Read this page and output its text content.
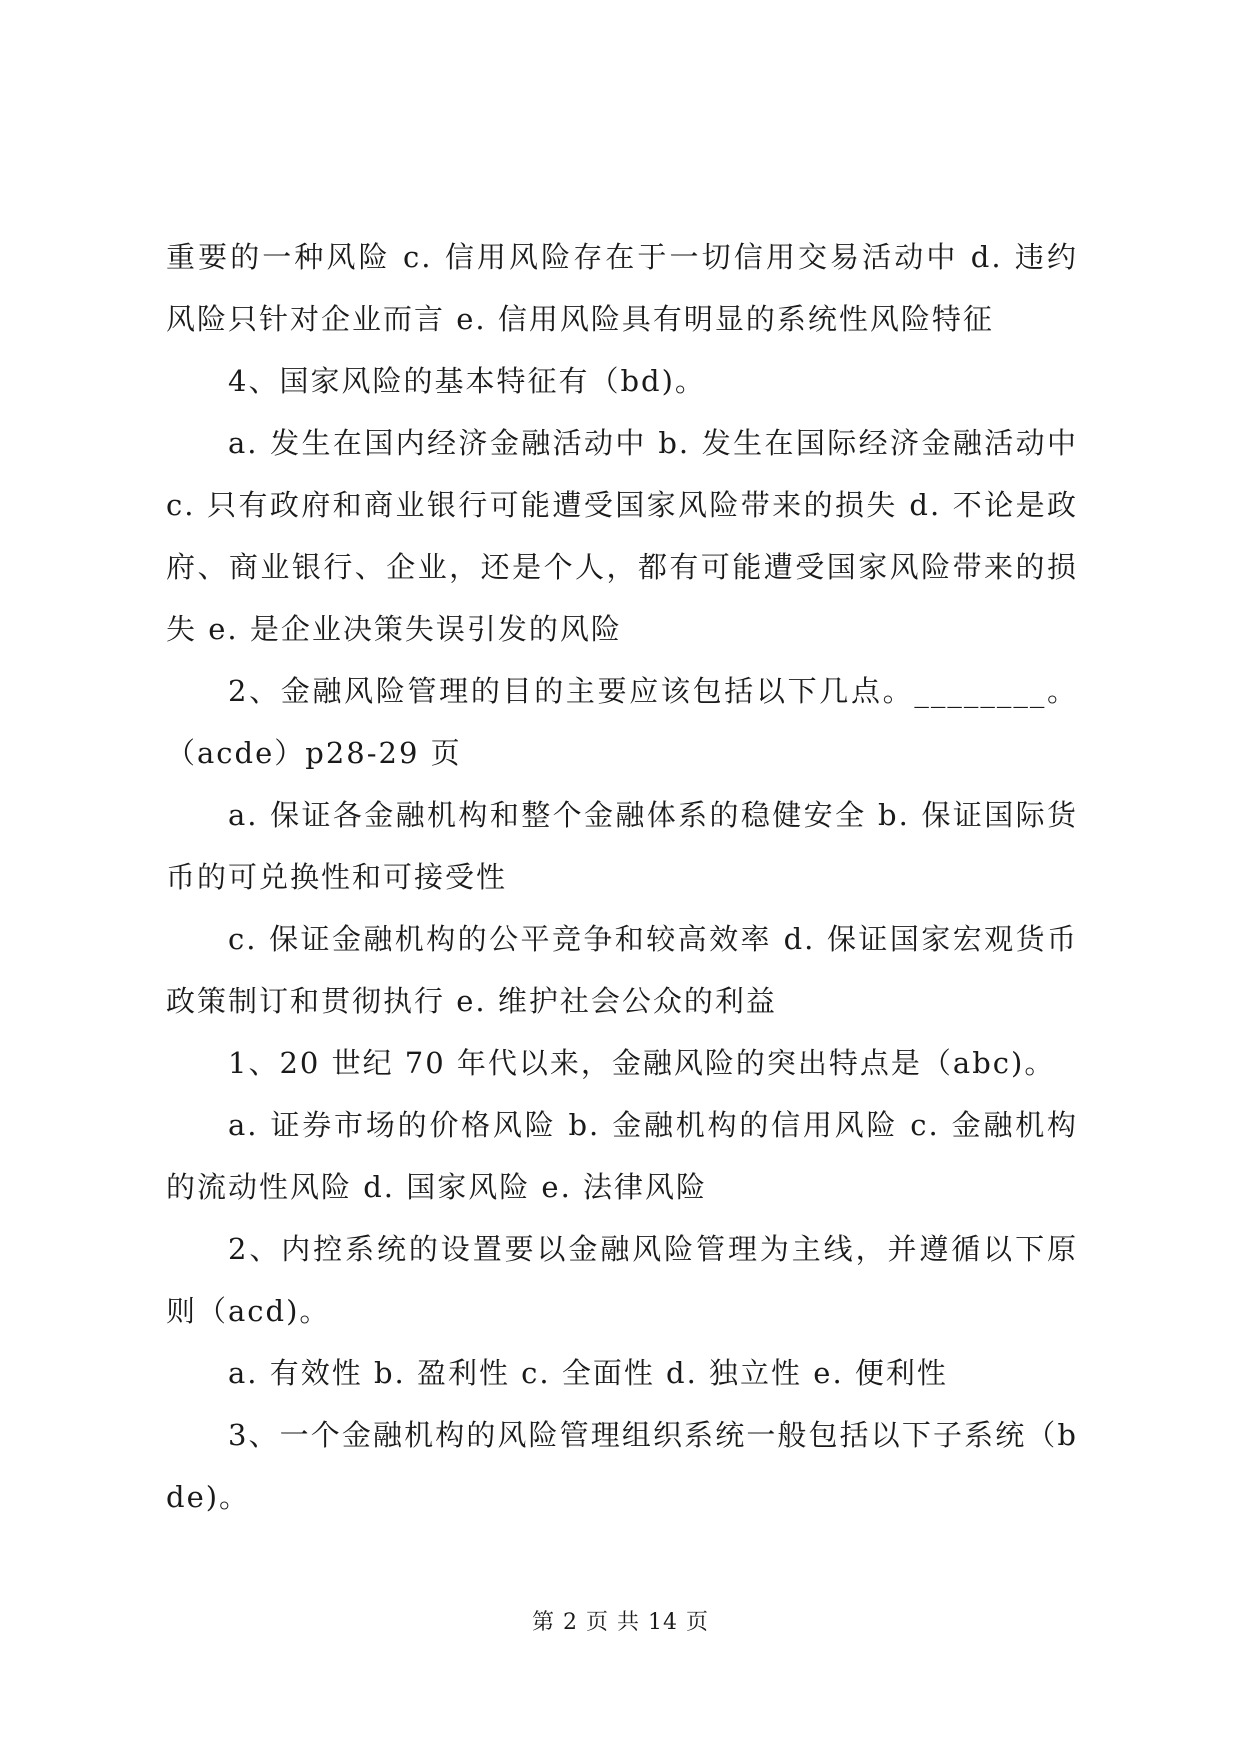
重要的一种风险 c. 信用风险存在于一切信用交易活动中 d. 违约风险只针对企业而言 e. 信用风险具有明显的系统性风险特征

4、国家风险的基本特征有（bd)。

a. 发生在国内经济金融活动中 b. 发生在国际经济金融活动中 c. 只有政府和商业银行可能遭受国家风险带来的损失 d. 不论是政府、商业银行、企业，还是个人，都有可能遭受国家风险带来的损失 e. 是企业决策失误引发的风险

2、金融风险管理的目的主要应该包括以下几点。________。（acde）p28-29 页

a. 保证各金融机构和整个金融体系的稳健安全 b. 保证国际货币的可兑换性和可接受性

c. 保证金融机构的公平竞争和较高效率 d. 保证国家宏观货币政策制订和贯彻执行 e. 维护社会公众的利益

1、20 世纪 70 年代以来，金融风险的突出特点是（abc)。

a. 证券市场的价格风险 b. 金融机构的信用风险 c. 金融机构的流动性风险 d. 国家风险 e. 法律风险

2、内控系统的设置要以金融风险管理为主线，并遵循以下原则（acd)。

a. 有效性 b. 盈利性 c. 全面性 d. 独立性 e. 便利性

3、一个金融机构的风险管理组织系统一般包括以下子系统（bde)。

第 2 页 共 14 页
